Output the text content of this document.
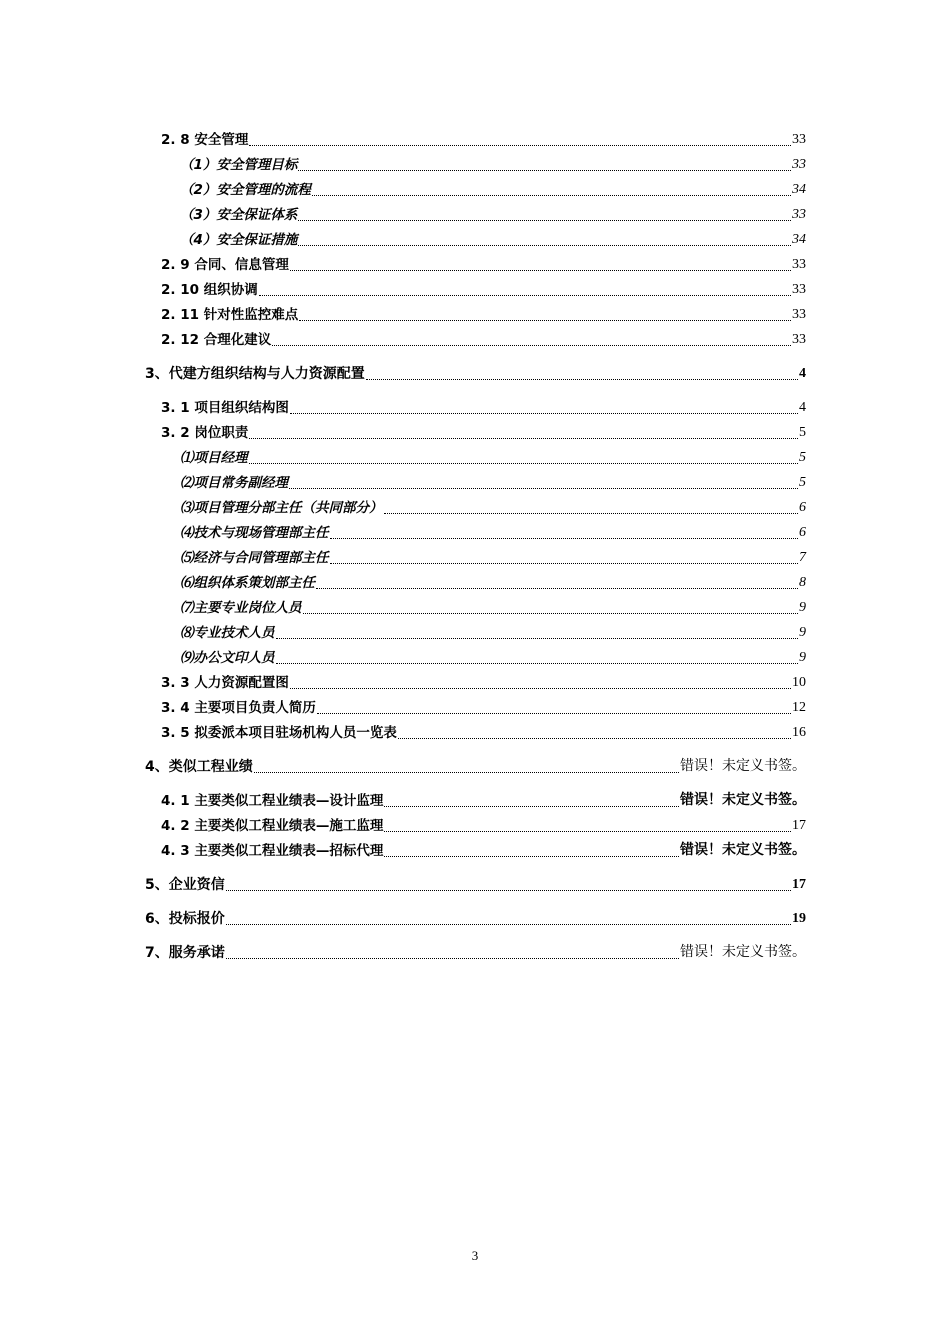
2. 8 安全管理	33
（1）安全管理目标	33
（2）安全管理的流程	34
（3）安全保证体系	33
（4）安全保证措施	34
2. 9 合同、信息管理	33
2. 10 组织协调	33
2. 11 针对性监控难点	33
2. 12 合理化建议	33
3、代建方组织结构与人力资源配置	4
3. 1 项目组织结构图	4
3. 2 岗位职责	5
⑴项目经理	5
⑵项目常务副经理	5
⑶项目管理分部主任（共同部分）	6
⑷技术与现场管理部主任	6
⑸经济与合同管理部主任	7
⑹组织体系策划部主任	8
⑺主要专业岗位人员	9
⑻专业技术人员	9
⑼办公文印人员	9
3. 3 人力资源配置图	10
3. 4 主要项目负责人简历	12
3. 5 拟委派本项目驻场机构人员一览表	16
4、类似工程业绩	错误！未定义书签。
4. 1 主要类似工程业绩表—设计监理	错误！未定义书签。
4. 2 主要类似工程业绩表—施工监理	17
4. 3 主要类似工程业绩表—招标代理	错误！未定义书签。
5、企业资信	17
6、投标报价	19
7、服务承诺	错误！未定义书签。
3
